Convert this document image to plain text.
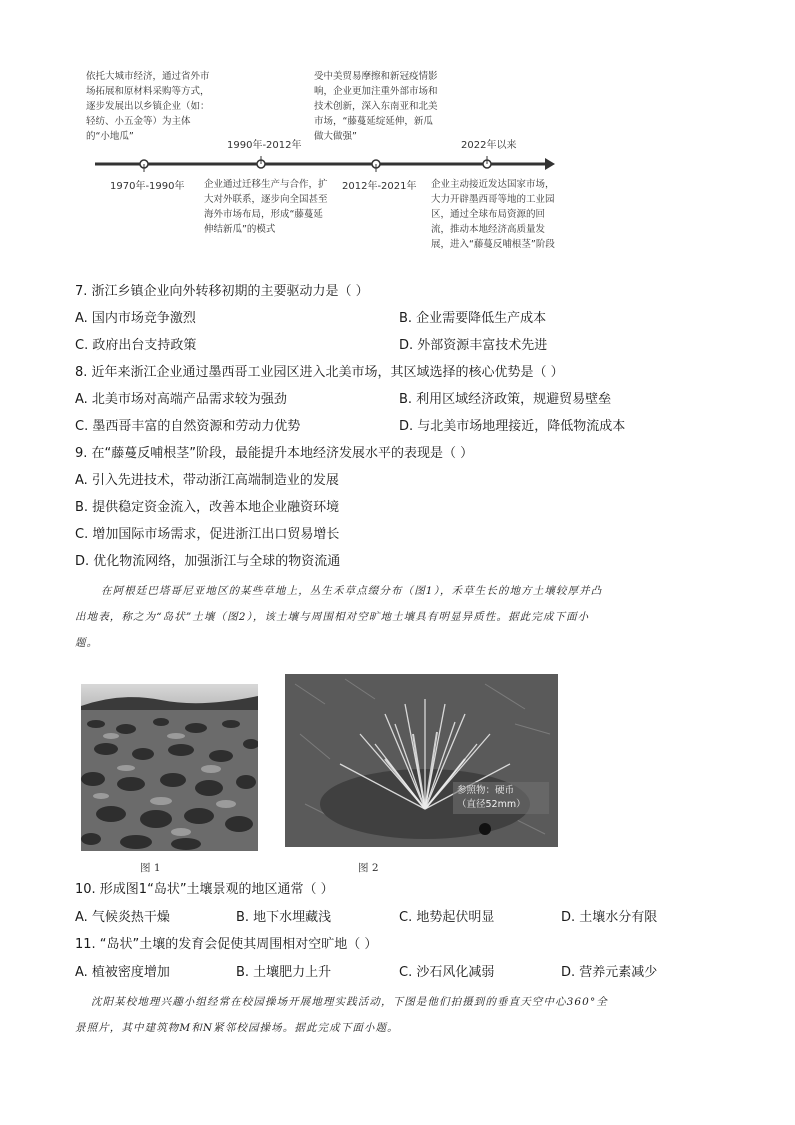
依托大城市经济，通过省外市场拓展和原材料采购等方式，逐步发展出以乡镇企业（如：轻纺、小五金等）为主体的“小地瓜”
受中美贸易摩擦和新冠疫情影响，企业更加注重外部市场和技术创新，深入东南亚和北美市场，“藤蔓延绽延伸，新瓜做大做强”
1970年-1990年
1990年-2012年
2012年-2021年
2022年以来
企业通过迁移生产与合作，扩大对外联系，逐步向全国甚至海外市场布局，形成“藤蔓延伸结新瓜”的模式
企业主动接近发达国家市场，大力开辟墨西哥等地的工业园区，通过全球布局资源的回流，推动本地经济高质量发展，进入“藤蔓反哺根茎”阶段
7. 浙江乡镇企业向外转移初期的主要驱动力是（ ）
A. 国内市场竞争激烈	B. 企业需要降低生产成本
C. 政府出台支持政策	D. 外部资源丰富技术先进
8. 近年来浙江企业通过墨西哥工业园区进入北美市场，其区域选择的核心优势是（ ）
A. 北美市场对高端产品需求较为强劲	B. 利用区域经济政策，规避贸易壁垒
C. 墨西哥丰富的自然资源和劳动力优势	D. 与北美市场地理接近，降低物流成本
9. 在“藤蔓反哺根茎”阶段，最能提升本地经济发展水平的表现是（ ）
A. 引入先进技术，带动浙江高端制造业的发展
B. 提供稳定资金流入，改善本地企业融资环境
C. 增加国际市场需求，促进浙江出口贸易增长
D. 优化物流网络，加强浙江与全球的物资流通
在阿根廷巴塔哥尼亚地区的某些草地上，丛生禾草点缀分布（图1），禾草生长的地方土壤较厚并凸
出地表，称之为“岛状”土壤（图2），该土壤与周围相对空旷地土壤具有明显异质性。据此完成下面小
题。
图 1
参照物：硬币
（直径52mm）
图 2
10. 形成图1“岛状”土壤景观的地区通常（ ）
A. 气候炎热干燥	B. 地下水埋藏浅	C. 地势起伏明显	D. 土壤水分有限
11. “岛状”土壤的发育会促使其周围相对空旷地（ ）
A. 植被密度增加	B. 土壤肥力上升	C. 沙石风化减弱	D. 营养元素减少
沈阳某校地理兴趣小组经常在校园操场开展地理实践活动，下图是他们拍摄到的垂直天空中心360°全
景照片，其中建筑物M和N紧邻校园操场。据此完成下面小题。
